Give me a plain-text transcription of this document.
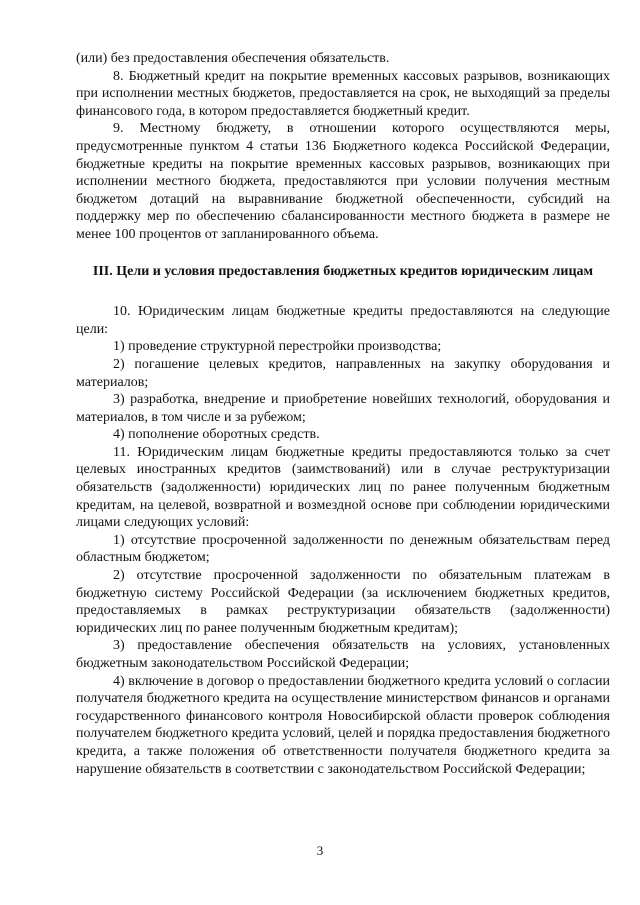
(или) без предоставления обеспечения обязательств.

8. Бюджетный кредит на покрытие временных кассовых разрывов, возникающих при исполнении местных бюджетов, предоставляется на срок, не выходящий за пределы финансового года, в котором предоставляется бюджетный кредит.

9. Местному бюджету, в отношении которого осуществляются меры, предусмотренные пунктом 4 статьи 136 Бюджетного кодекса Российской Федерации, бюджетные кредиты на покрытие временных кассовых разрывов, возникающих при исполнении местного бюджета, предоставляются при условии получения местным бюджетом дотаций на выравнивание бюджетной обеспеченности, субсидий на поддержку мер по обеспечению сбалансированности местного бюджета в размере не менее 100 процентов от запланированного объема.

III. Цели и условия предоставления бюджетных кредитов юридическим лицам

10. Юридическим лицам бюджетные кредиты предоставляются на следующие цели:

1) проведение структурной перестройки производства;

2) погашение целевых кредитов, направленных на закупку оборудования и материалов;

3) разработка, внедрение и приобретение новейших технологий, оборудования и материалов, в том числе и за рубежом;

4) пополнение оборотных средств.

11. Юридическим лицам бюджетные кредиты предоставляются только за счет целевых иностранных кредитов (заимствований) или в случае реструктуризации обязательств (задолженности) юридических лиц по ранее полученным бюджетным кредитам, на целевой, возвратной и возмездной основе при соблюдении юридическими лицами следующих условий:

1) отсутствие просроченной задолженности по денежным обязательствам перед областным бюджетом;

2) отсутствие просроченной задолженности по обязательным платежам в бюджетную систему Российской Федерации (за исключением бюджетных кредитов, предоставляемых в рамках реструктуризации обязательств (задолженности) юридических лиц по ранее полученным бюджетным кредитам);

3) предоставление обеспечения обязательств на условиях, установленных бюджетным законодательством Российской Федерации;

4) включение в договор о предоставлении бюджетного кредита условий о согласии получателя бюджетного кредита на осуществление министерством финансов и органами государственного финансового контроля Новосибирской области проверок соблюдения получателем бюджетного кредита условий, целей и порядка предоставления бюджетного кредита, а также положения об ответственности получателя бюджетного кредита за нарушение обязательств в соответствии с законодательством Российской Федерации;

3
